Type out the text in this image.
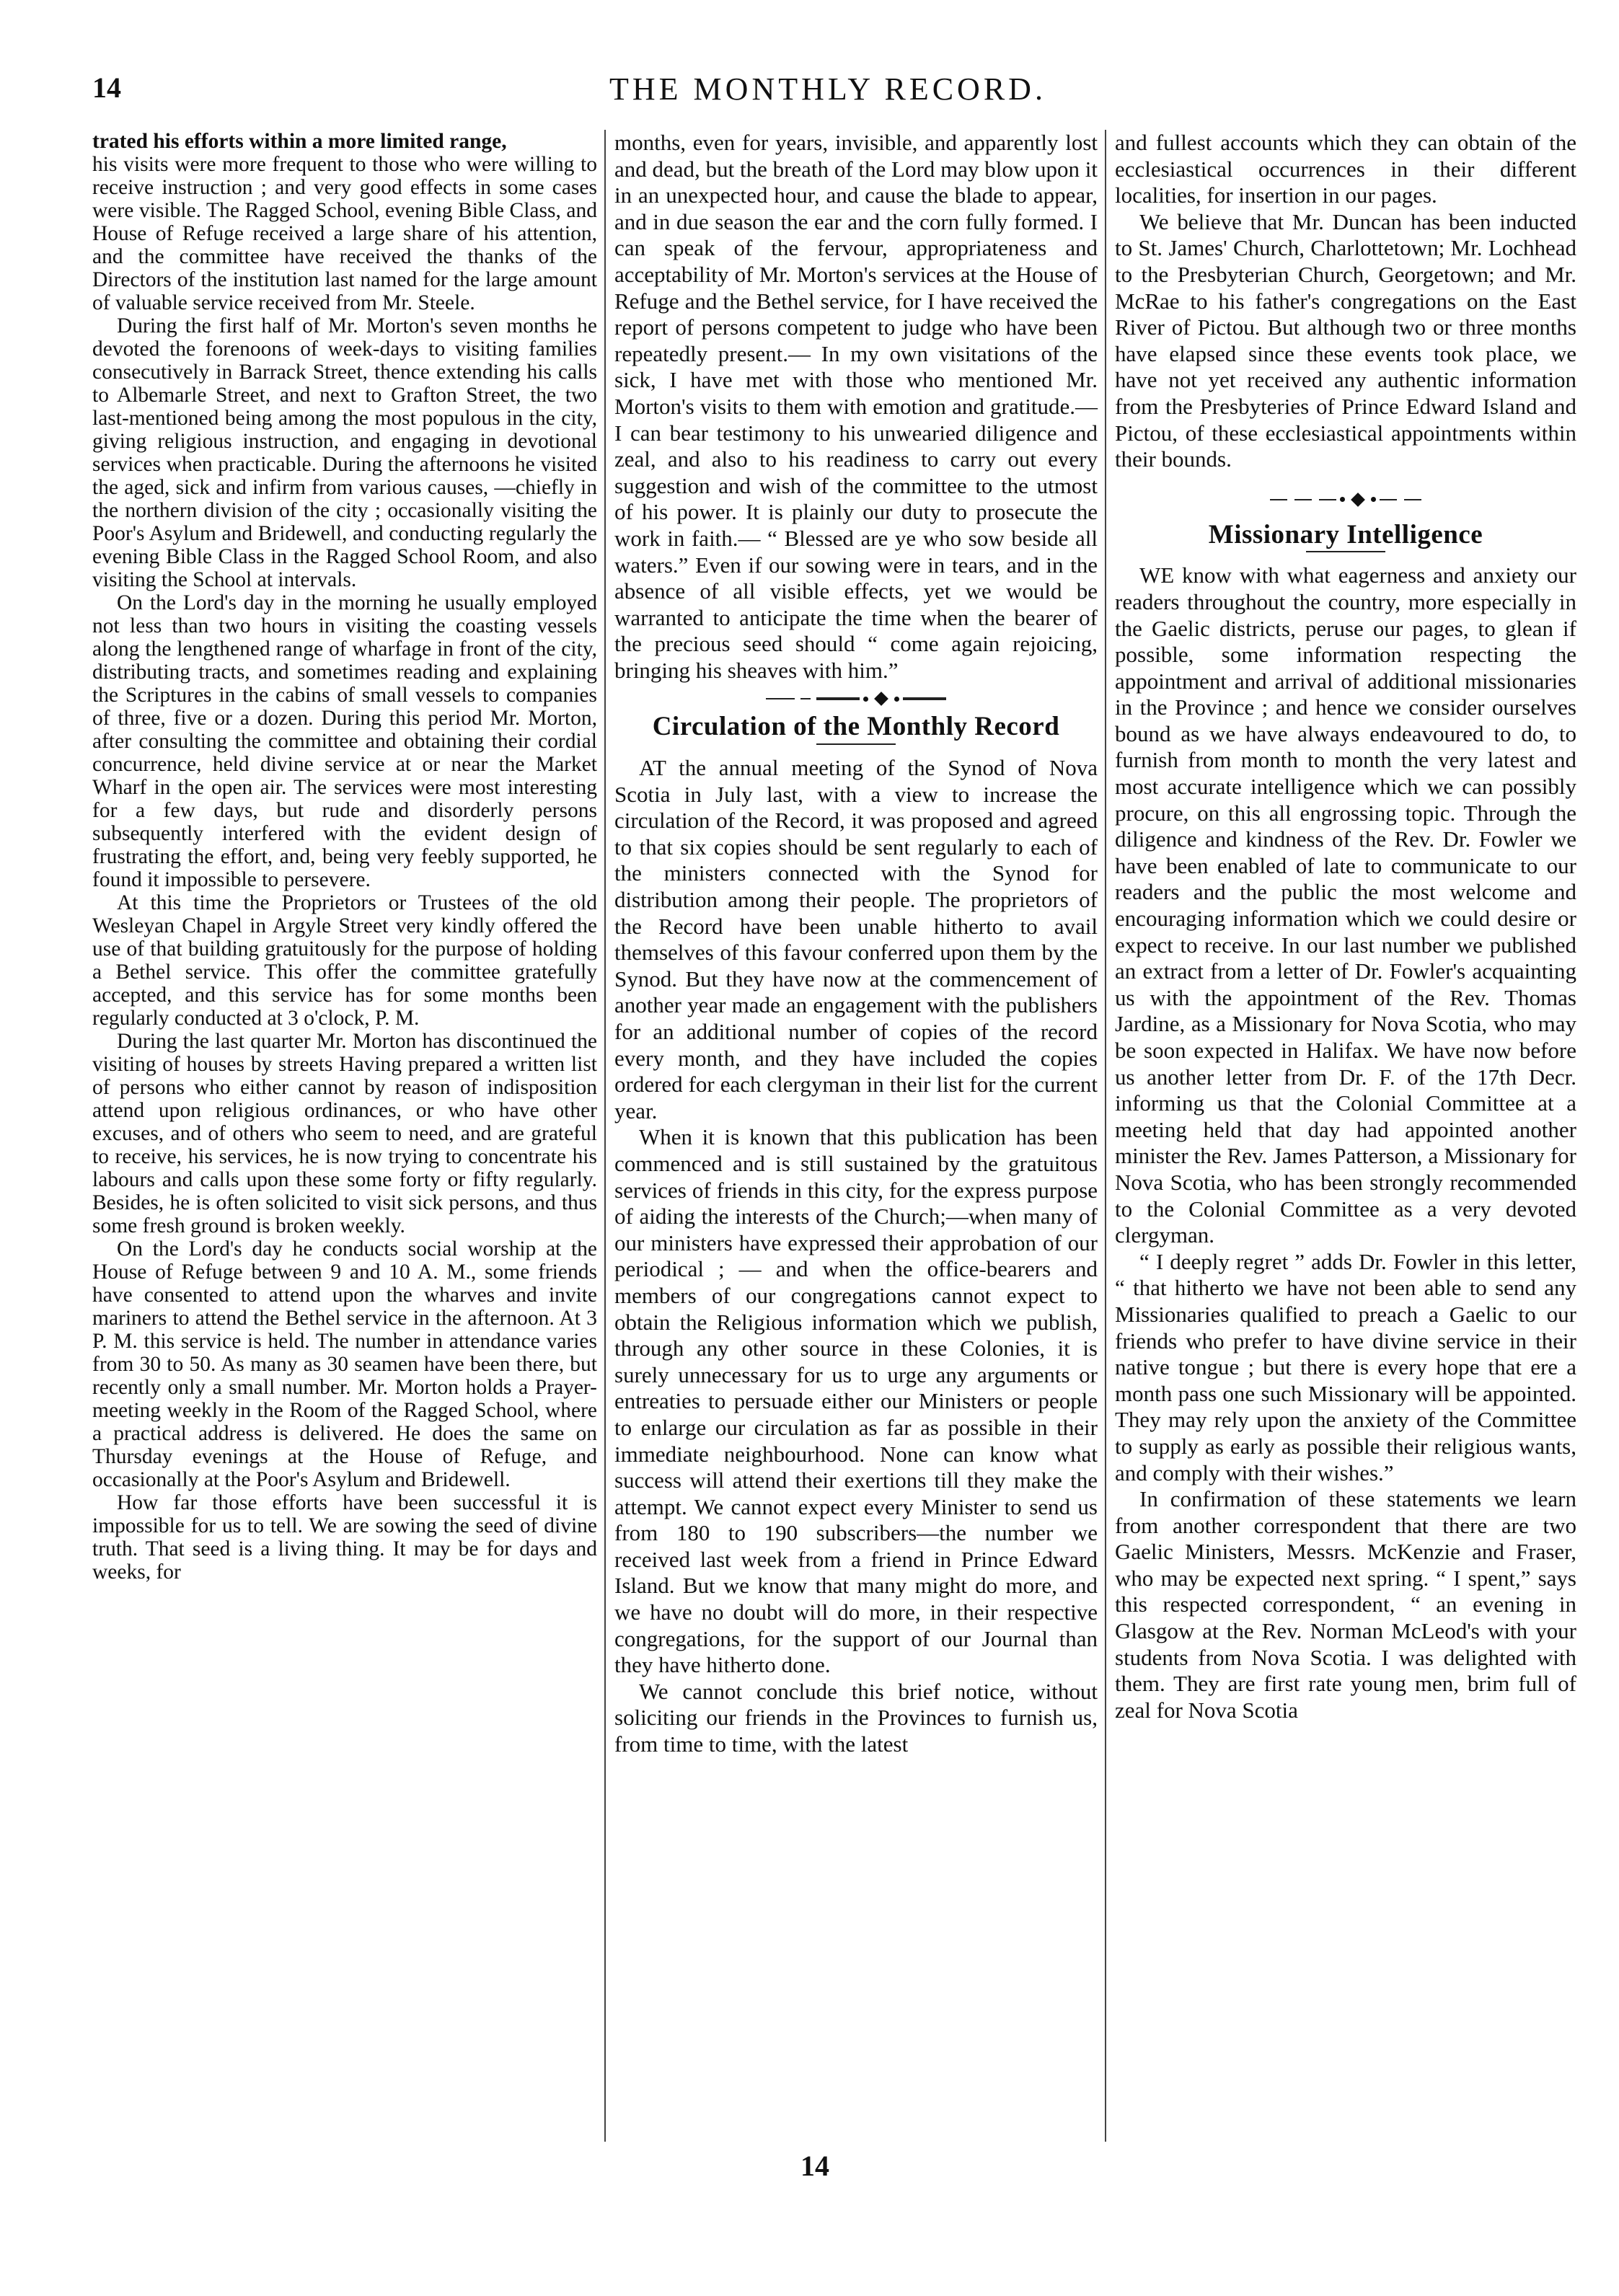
14	THE MONTHLY RECORD.

trated his efforts within a more limited range,

his visits were more frequent to those who were willing to receive instruction ; and very good effects in some cases were visible. The Ragged School, evening Bible Class, and House of Refuge received a large share of his attention, and the committee have received the thanks of the Directors of the institution last named for the large amount of valuable service received from Mr. Steele.

During the first half of Mr. Morton's seven months he devoted the forenoons of week-days to visiting families consecutively in Barrack Street, thence extending his calls to Albemarle Street, and next to Grafton Street, the two last-mentioned being among the most populous in the city, giving religious instruction, and engaging in devotional services when practicable. During the afternoons he visited the aged, sick and infirm from various causes, —chiefly in the northern division of the city ; occasionally visiting the Poor's Asylum and Bridewell, and conducting regularly the evening Bible Class in the Ragged School Room, and also visiting the School at intervals.

On the Lord's day in the morning he usually employed not less than two hours in visiting the coasting vessels along the lengthened range of wharfage in front of the city, distributing tracts, and sometimes reading and explaining the Scriptures in the cabins of small vessels to companies of three, five or a dozen. During this period Mr. Morton, after consulting the committee and obtaining their cordial concurrence, held divine service at or near the Market Wharf in the open air. The services were most interesting for a few days, but rude and disorderly persons subsequently interfered with the evident design of frustrating the effort, and, being very feebly supported, he found it impossible to persevere.

At this time the Proprietors or Trustees of the old Wesleyan Chapel in Argyle Street very kindly offered the use of that building gratuitously for the purpose of holding a Bethel service. This offer the committee gratefully accepted, and this service has for some months been regularly conducted at 3 o'clock, P. M.

During the last quarter Mr. Morton has discontinued the visiting of houses by streets Having prepared a written list of persons who either cannot by reason of indisposition attend upon religious ordinances, or who have other excuses, and of others who seem to need, and are grateful to receive, his services, he is now trying to concentrate his labours and calls upon these some forty or fifty regularly. Besides, he is often solicited to visit sick persons, and thus some fresh ground is broken weekly.

On the Lord's day he conducts social worship at the House of Refuge between 9 and 10 A. M., some friends have consented to attend upon the wharves and invite mariners to attend the Bethel service in the afternoon. At 3 P. M. this service is held. The number in attendance varies from 30 to 50. As many as 30 seamen have been there, but recently only a small number. Mr. Morton holds a Prayer-meeting weekly in the Room of the Ragged School, where a practical address is delivered. He does the same on Thursday evenings at the House of Refuge, and occasionally at the Poor's Asylum and Bridewell.

How far those efforts have been successful it is impossible for us to tell. We are sowing the seed of divine truth. That seed is a living thing. It may be for days and weeks, for

months, even for years, invisible, and apparently lost and dead, but the breath of the Lord may blow upon it in an unexpected hour, and cause the blade to appear, and in due season the ear and the corn fully formed. I can speak of the fervour, appropriateness and acceptability of Mr. Morton's services at the House of Refuge and the Bethel service, for I have received the report of persons competent to judge who have been repeatedly present.— In my own visitations of the sick, I have met with those who mentioned Mr. Morton's visits to them with emotion and gratitude.— I can bear testimony to his unwearied diligence and zeal, and also to his readiness to carry out every suggestion and wish of the committee to the utmost of his power. It is plainly our duty to prosecute the work in faith.— “ Blessed are ye who sow beside all waters.” Even if our sowing were in tears, and in the absence of all visible effects, yet we would be warranted to anticipate the time when the bearer of the precious seed should “ come again rejoicing, bringing his sheaves with him.”

Circulation of the Monthly Record

AT the annual meeting of the Synod of Nova Scotia in July last, with a view to increase the circulation of the Record, it was proposed and agreed to that six copies should be sent regularly to each of the ministers connected with the Synod for distribution among their people. The proprietors of the Record have been unable hitherto to avail themselves of this favour conferred upon them by the Synod. But they have now at the commencement of another year made an engagement with the publishers for an additional number of copies of the record every month, and they have included the copies ordered for each clergyman in their list for the current year.

When it is known that this publication has been commenced and is still sustained by the gratuitous services of friends in this city, for the express purpose of aiding the interests of the Church;—when many of our ministers have expressed their approbation of our periodical ; — and when the office-bearers and members of our congregations cannot expect to obtain the Religious information which we publish, through any other source in these Colonies, it is surely unnecessary for us to urge any arguments or entreaties to persuade either our Ministers or people to enlarge our circulation as far as possible in their immediate neighbourhood. None can know what success will attend their exertions till they make the attempt. We cannot expect every Minister to send us from 180 to 190 subscribers—the number we received last week from a friend in Prince Edward Island. But we know that many might do more, and we have no doubt will do more, in their respective congregations, for the support of our Journal than they have hitherto done.

We cannot conclude this brief notice, without soliciting our friends in the Provinces to furnish us, from time to time, with the latest

and fullest accounts which they can obtain of the ecclesiastical occurrences in their different localities, for insertion in our pages.

We believe that Mr. Duncan has been inducted to St. James' Church, Charlottetown; Mr. Lochhead to the Presbyterian Church, Georgetown; and Mr. McRae to his father's congregations on the East River of Pictou. But although two or three months have elapsed since these events took place, we have not yet received any authentic information from the Presbyteries of Prince Edward Island and Pictou, of these ecclesiastical appointments within their bounds.

Missionary Intelligence

WE know with what eagerness and anxiety our readers throughout the country, more especially in the Gaelic districts, peruse our pages, to glean if possible, some information respecting the appointment and arrival of additional missionaries in the Province ; and hence we consider ourselves bound as we have always endeavoured to do, to furnish from month to month the very latest and most accurate intelligence which we can possibly procure, on this all engrossing topic. Through the diligence and kindness of the Rev. Dr. Fowler we have been enabled of late to communicate to our readers and the public the most welcome and encouraging information which we could desire or expect to receive. In our last number we published an extract from a letter of Dr. Fowler's acquainting us with the appointment of the Rev. Thomas Jardine, as a Missionary for Nova Scotia, who may be soon expected in Halifax. We have now before us another letter from Dr. F. of the 17th Decr. informing us that the Colonial Committee at a meeting held that day had appointed another minister the Rev. James Patterson, a Missionary for Nova Scotia, who has been strongly recommended to the Colonial Committee as a very devoted clergyman.

“ I deeply regret ” adds Dr. Fowler in this letter, “ that hitherto we have not been able to send any Missionaries qualified to preach a Gaelic to our friends who prefer to have divine service in their native tongue ; but there is every hope that ere a month pass one such Missionary will be appointed. They may rely upon the anxiety of the Committee to supply as early as possible their religious wants, and comply with their wishes.”

In confirmation of these statements we learn from another correspondent that there are two Gaelic Ministers, Messrs. McKenzie and Fraser, who may be expected next spring. “ I spent,” says this respected correspondent, “ an evening in Glasgow at the Rev. Norman McLeod's with your students from Nova Scotia. I was delighted with them. They are first rate young men, brim full of zeal for Nova Scotia

14
